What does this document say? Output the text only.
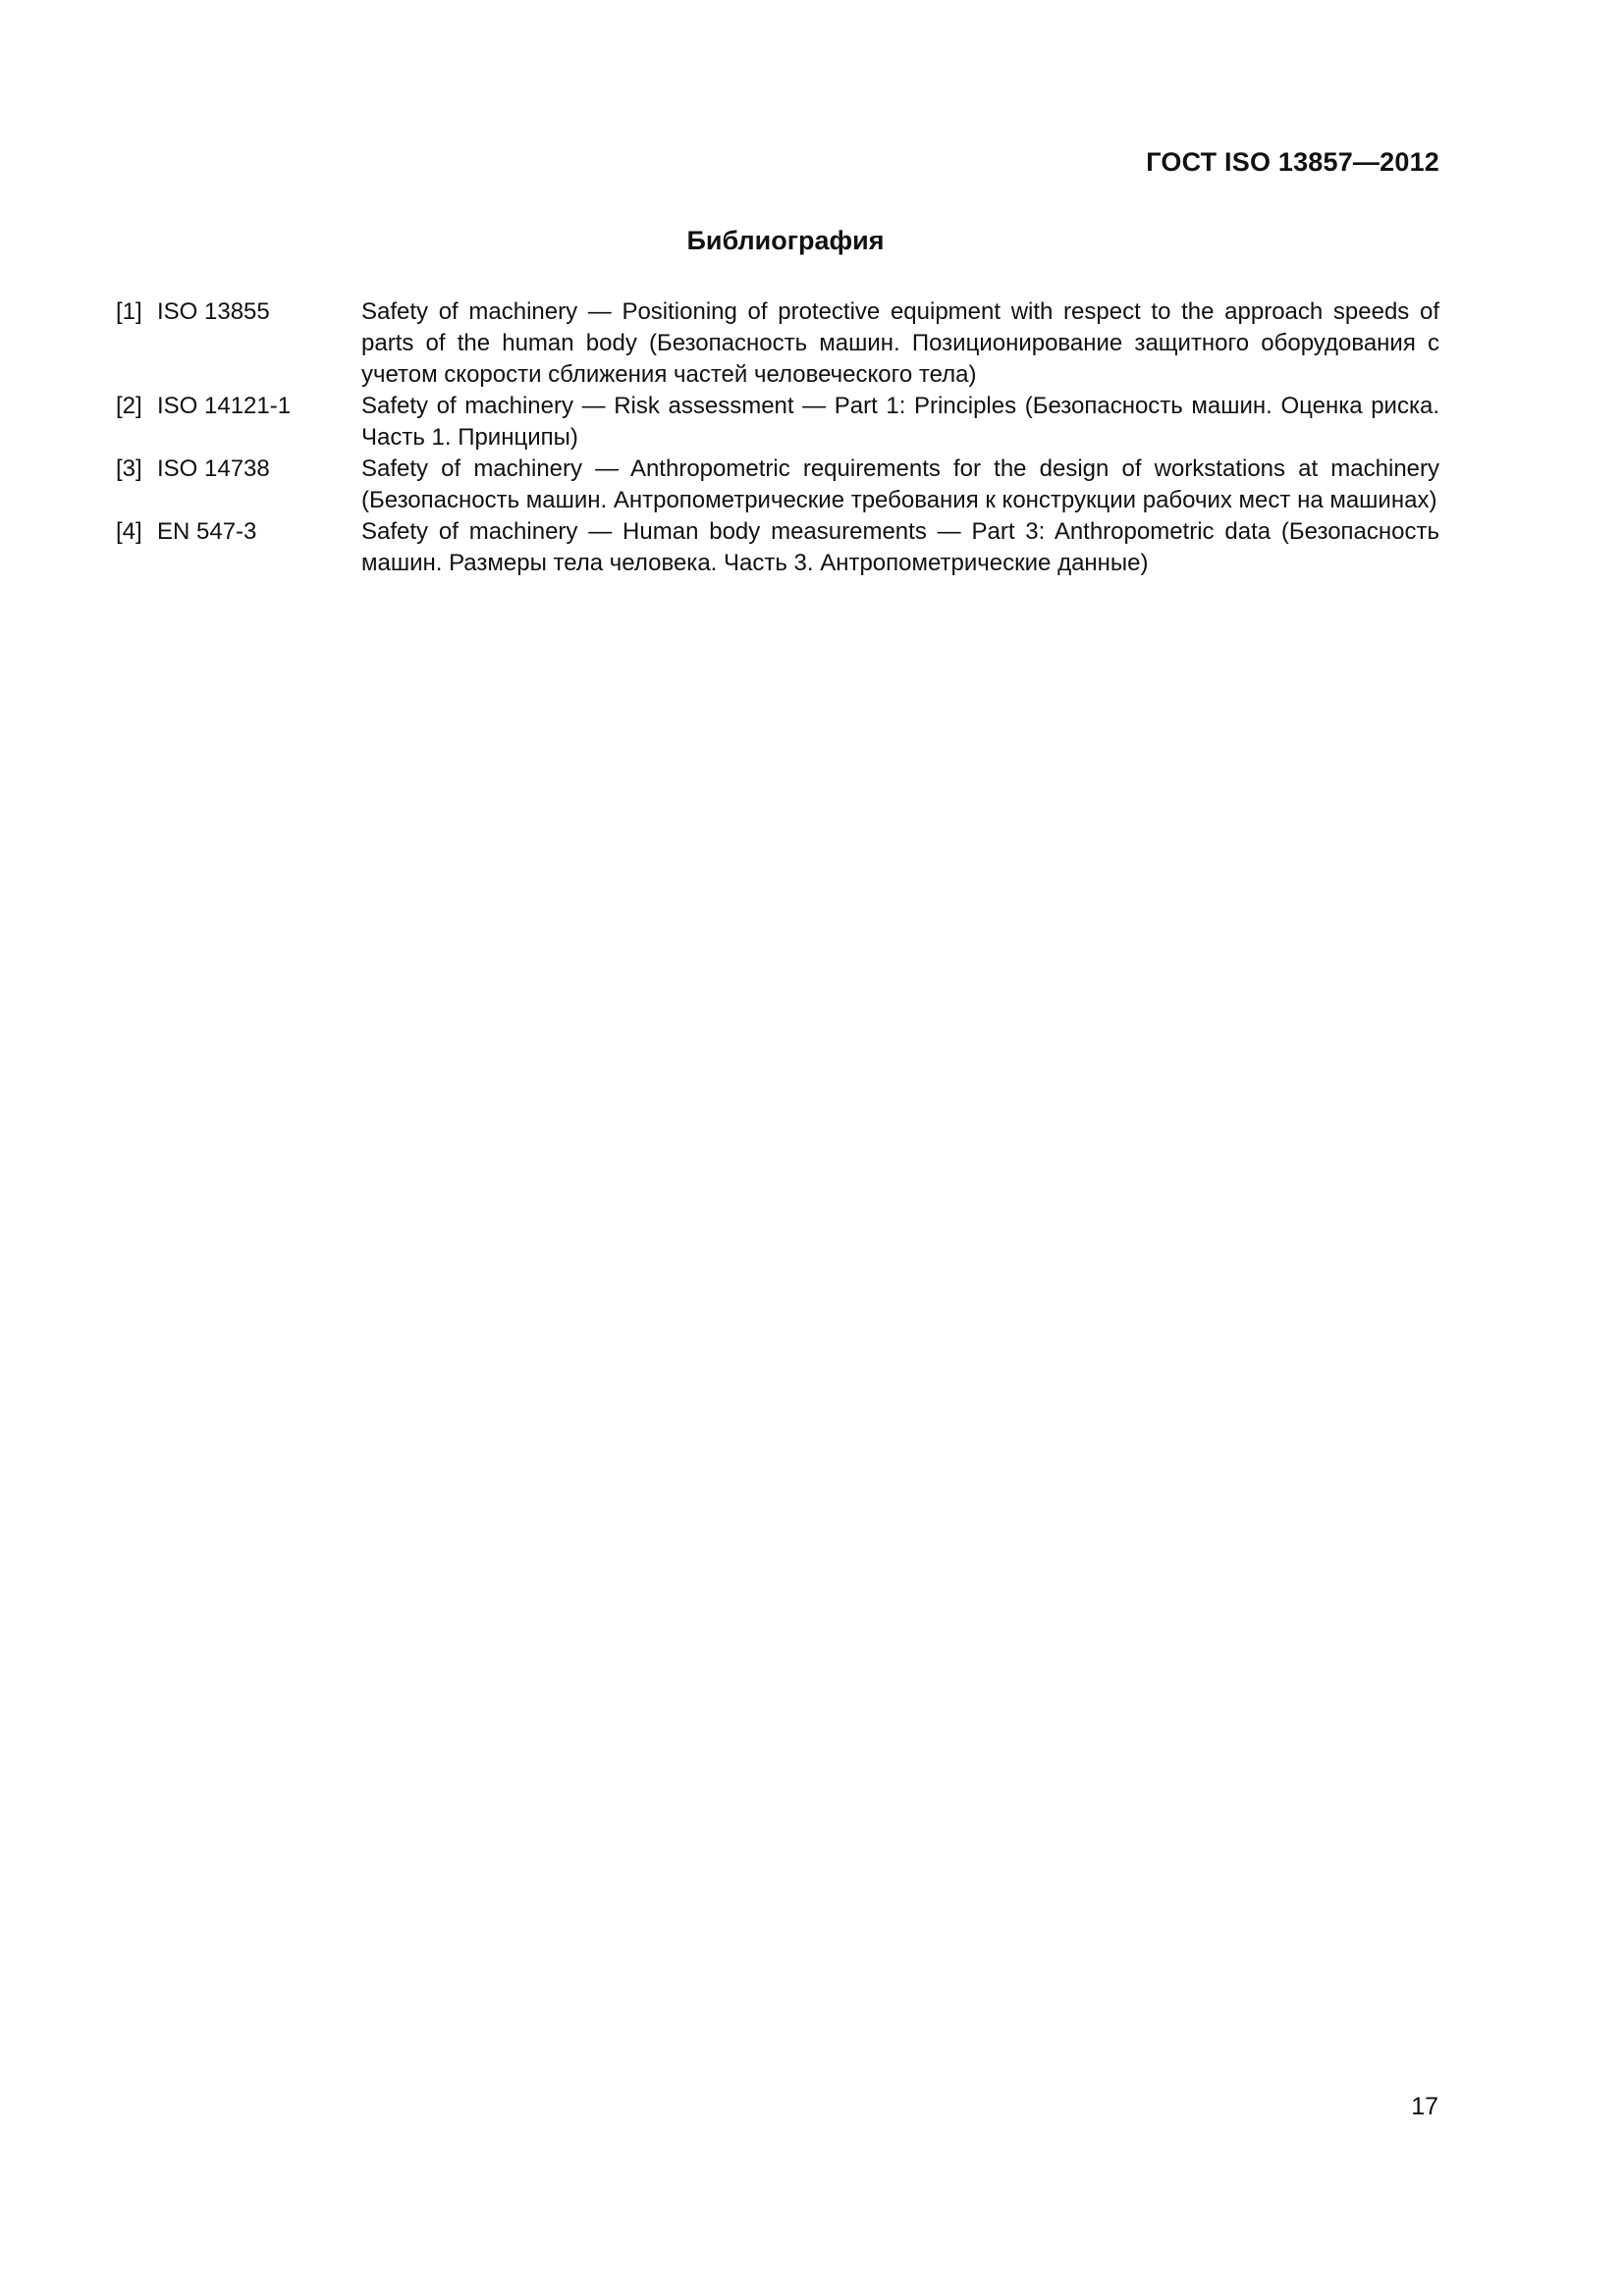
ГОСТ ISO 13857—2012
Библиография
[1] ISO 13855	Safety of machinery — Positioning of protective equipment with respect to the approach speeds of parts of the human body (Безопасность машин. Позиционирование защитного оборудования с учетом скорости сближения частей человеческого тела)
[2] ISO 14121-1	Safety of machinery — Risk assessment — Part 1: Principles (Безопасность машин. Оценка риска. Часть 1. Принципы)
[3] ISO 14738	Safety of machinery — Anthropometric requirements for the design of workstations at machinery (Безопасность машин. Антропометрические требования к конструкции рабочих мест на машинах)
[4] EN 547-3	Safety of machinery — Human body measurements — Part 3: Anthropometric data (Безопасность машин. Размеры тела человека. Часть 3. Антропометрические данные)
17
